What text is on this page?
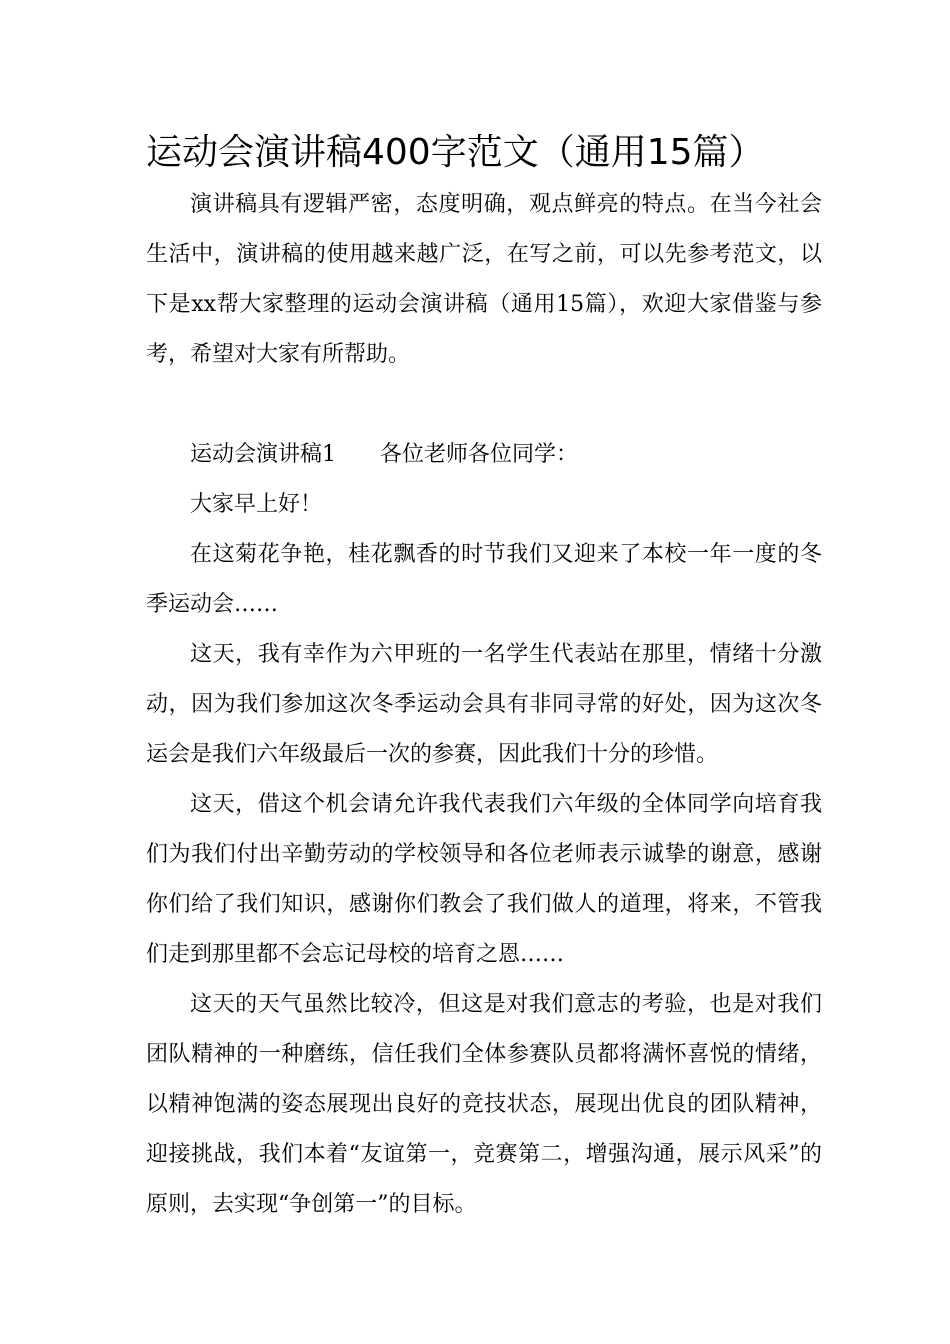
运动会演讲稿400字范文（通用15篇）

演讲稿具有逻辑严密，态度明确，观点鲜亮的特点。在当今社会生活中，演讲稿的使用越来越广泛，在写之前，可以先参考范文，以下是xx帮大家整理的运动会演讲稿（通用15篇），欢迎大家借鉴与参考，希望对大家有所帮助。

运动会演讲稿1 各位老师各位同学：

大家早上好！

在这菊花争艳，桂花飘香的时节我们又迎来了本校一年一度的冬季运动会……

这天，我有幸作为六甲班的一名学生代表站在那里，情绪十分激动，因为我们参加这次冬季运动会具有非同寻常的好处，因为这次冬运会是我们六年级最后一次的参赛，因此我们十分的珍惜。

这天，借这个机会请允许我代表我们六年级的全体同学向培育我们为我们付出辛勤劳动的学校领导和各位老师表示诚挚的谢意，感谢你们给了我们知识，感谢你们教会了我们做人的道理，将来，不管我们走到那里都不会忘记母校的培育之恩……

这天的天气虽然比较冷，但这是对我们意志的考验，也是对我们团队精神的一种磨练，信任我们全体参赛队员都将满怀喜悦的情绪，以精神饱满的姿态展现出良好的竞技状态，展现出优良的团队精神，迎接挑战，我们本着“友谊第一，竞赛第二，增强沟通，展示风采”的原则，去实现“争创第一”的目标。
